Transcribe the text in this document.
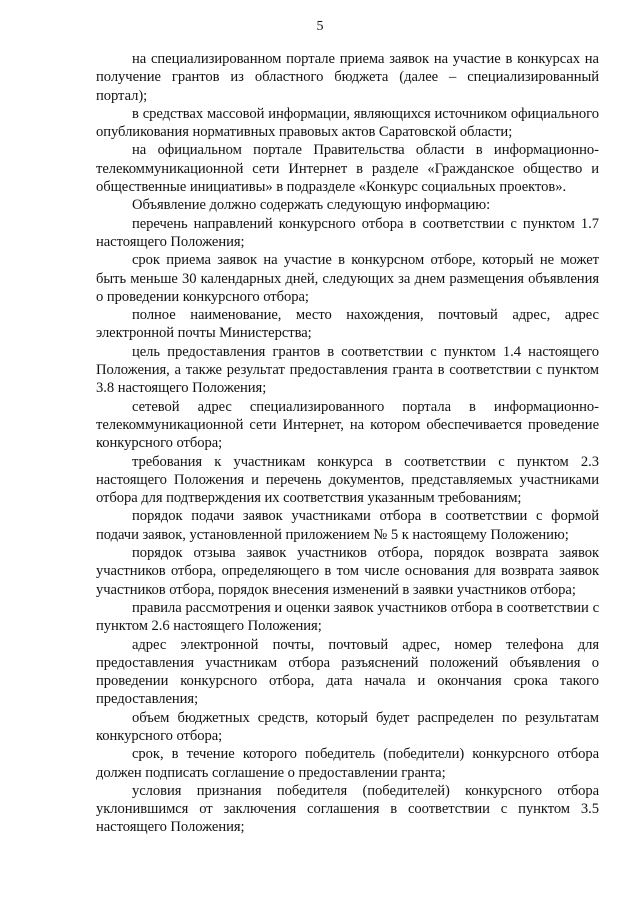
5

на специализированном портале приема заявок на участие в конкурсах на получение грантов из областного бюджета (далее – специализированный портал);

в средствах массовой информации, являющихся источником официального опубликования нормативных правовых актов Саратовской области;

на официальном портале Правительства области в информационно-телекоммуникационной сети Интернет в разделе «Гражданское общество и общественные инициативы» в подразделе «Конкурс социальных проектов».

Объявление должно содержать следующую информацию:

перечень направлений конкурсного отбора в соответствии с пунктом 1.7 настоящего Положения;

срок приема заявок на участие в конкурсном отборе, который не может быть меньше 30 календарных дней, следующих за днем размещения объявления о проведении конкурсного отбора;

полное наименование, место нахождения, почтовый адрес, адрес электронной почты Министерства;

цель предоставления грантов в соответствии с пунктом 1.4 настоящего Положения, а также результат предоставления гранта в соответствии с пунктом 3.8 настоящего Положения;

сетевой адрес специализированного портала в информационно-телекоммуникационной сети Интернет, на котором обеспечивается проведение конкурсного отбора;

требования к участникам конкурса в соответствии с пунктом 2.3 настоящего Положения и перечень документов, представляемых участниками отбора для подтверждения их соответствия указанным требованиям;

порядок подачи заявок участниками отбора в соответствии с формой подачи заявок, установленной приложением № 5 к настоящему Положению;

порядок отзыва заявок участников отбора, порядок возврата заявок участников отбора, определяющего в том числе основания для возврата заявок участников отбора, порядок внесения изменений в заявки участников отбора;

правила рассмотрения и оценки заявок участников отбора в соответствии с пунктом 2.6 настоящего Положения;

адрес электронной почты, почтовый адрес, номер телефона для предоставления участникам отбора разъяснений положений объявления о проведении конкурсного отбора, дата начала и окончания срока такого предоставления;

объем бюджетных средств, который будет распределен по результатам конкурсного отбора;

срок, в течение которого победитель (победители) конкурсного отбора должен подписать соглашение о предоставлении гранта;

условия признания победителя (победителей) конкурсного отбора уклонившимся от заключения соглашения в соответствии с пунктом 3.5 настоящего Положения;
